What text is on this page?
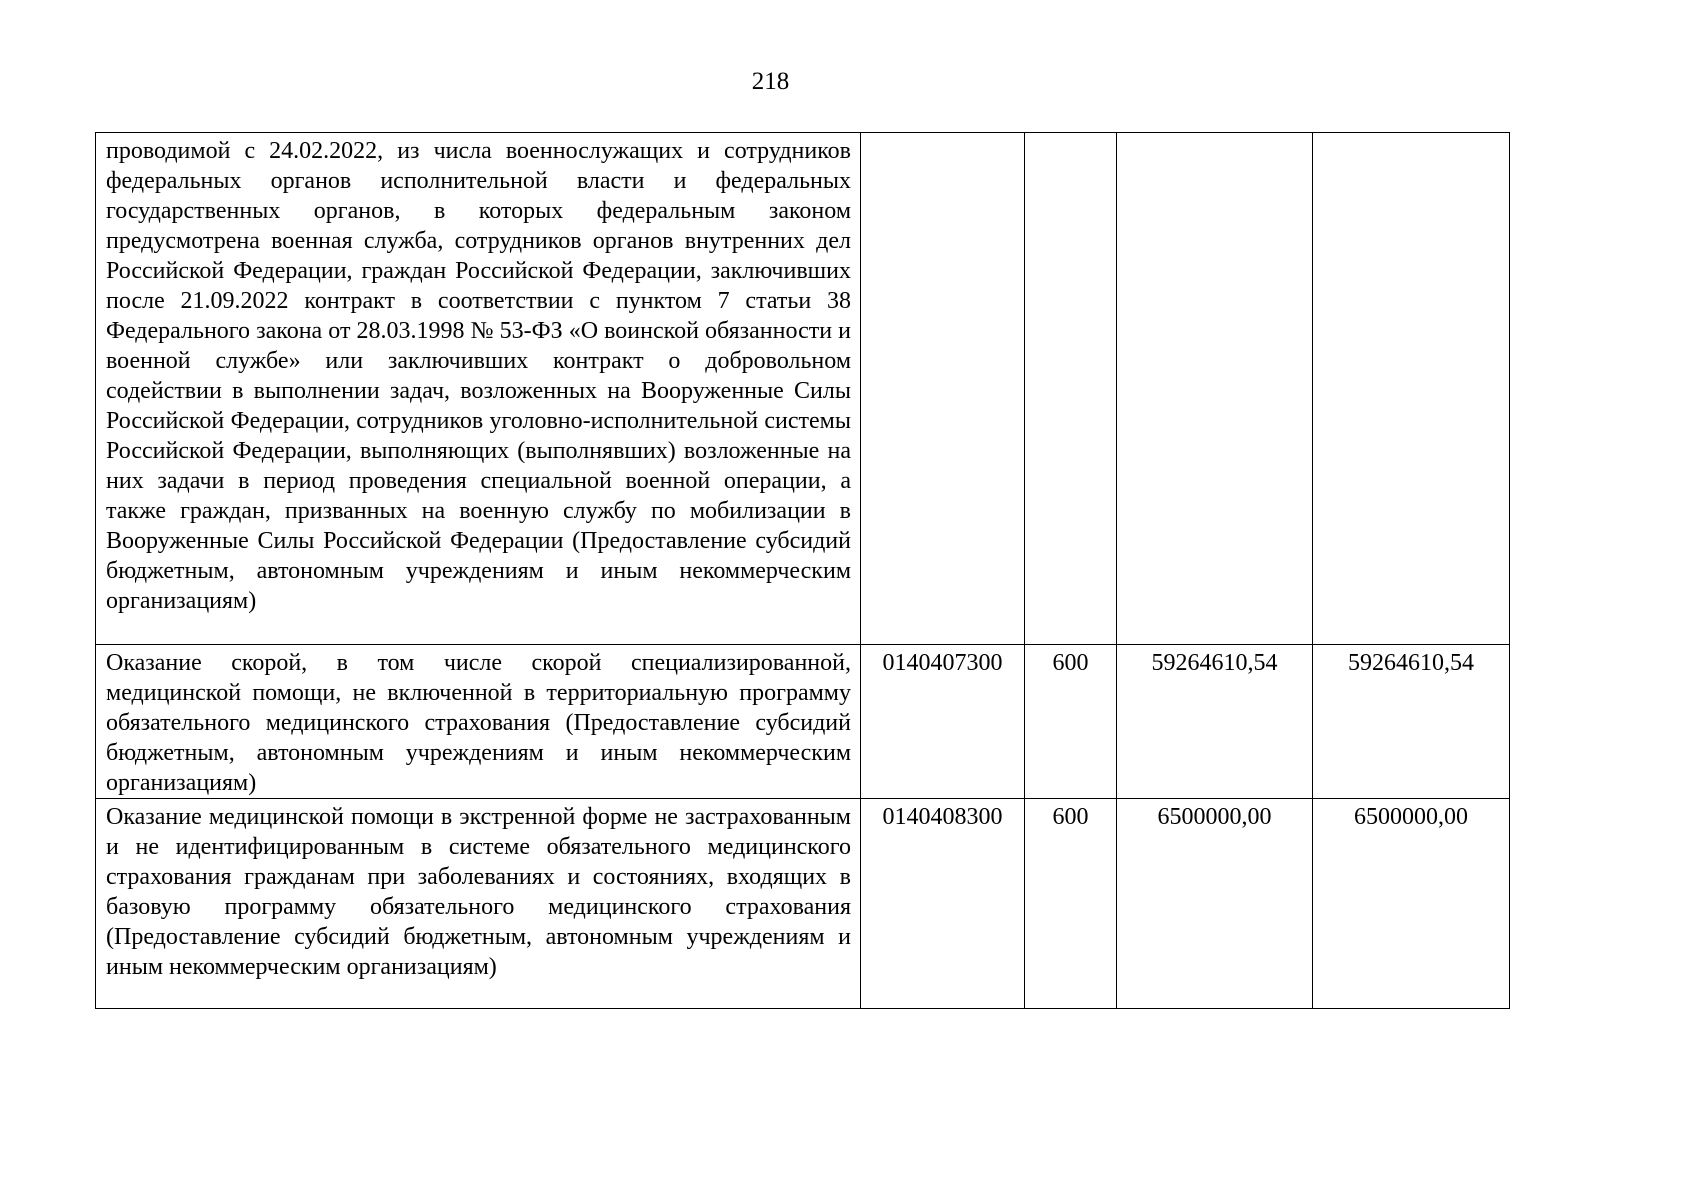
218
проводимой с 24.02.2022, из числа военнослужащих и сотрудников федеральных органов исполнительной власти и федеральных государственных органов, в которых федеральным законом предусмотрена военная служба, сотрудников органов внутренних дел Российской Федерации, граждан Российской Федерации, заключивших после 21.09.2022 контракт в соответствии с пунктом 7 статьи 38 Федерального закона от 28.03.1998 № 53-ФЗ «О воинской обязанности и военной службе» или заключивших контракт о добровольном содействии в выполнении задач, возложенных на Вооруженные Силы Российской Федерации, сотрудников уголовно-исполнительной системы Российской Федерации, выполняющих (выполнявших) возложенные на них задачи в период проведения специальной военной операции, а также граждан, призванных на военную службу по мобилизации в Вооруженные Силы Российской Федерации (Предоставление субсидий бюджетным, автономным учреждениям и иным некоммерческим организациям)				
Оказание скорой, в том числе скорой специализированной, медицинской помощи, не включенной в территориальную программу обязательного медицинского страхования (Предоставление субсидий бюджетным, автономным учреждениям и иным некоммерческим организациям)	0140407300	600	59264610,54	59264610,54
Оказание медицинской помощи в экстренной форме не застрахованным и не идентифицированным в системе обязательного медицинского страхования гражданам при заболеваниях и состояниях, входящих в базовую программу обязательного медицинского страхования (Предоставление субсидий бюджетным, автономным учреждениям и иным некоммерческим организациям)	0140408300	600	6500000,00	6500000,00
